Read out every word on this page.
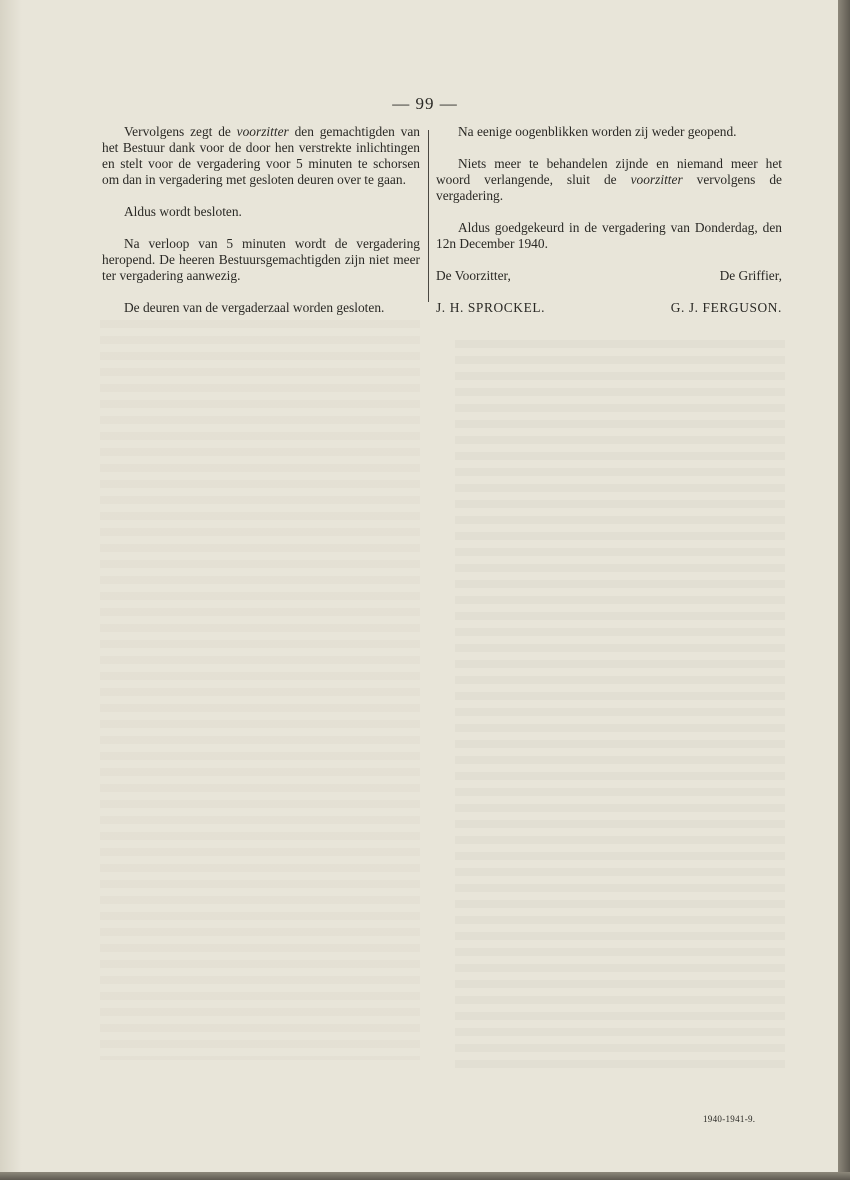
— 99 —

Vervolgens zegt de voorzitter den gemachtigden van het Bestuur dank voor de door hen verstrekte inlichtingen en stelt voor de vergadering voor 5 minuten te schorsen om dan in vergadering met gesloten deuren over te gaan.

Aldus wordt besloten.

Na verloop van 5 minuten wordt de vergadering heropend. De heeren Bestuursgemachtigden zijn niet meer ter vergadering aanwezig.

De deuren van de vergaderzaal worden gesloten.

Na eenige oogenblikken worden zij weder geopend.

Niets meer te behandelen zijnde en niemand meer het woord verlangende, sluit de voorzitter vervolgens de vergadering.

Aldus goedgekeurd in de vergadering van Donderdag, den 12n December 1940.

De Voorzitter,	De Griffier,
J. H. SPROCKEL.	G. J. FERGUSON.
1940-1941-9.
